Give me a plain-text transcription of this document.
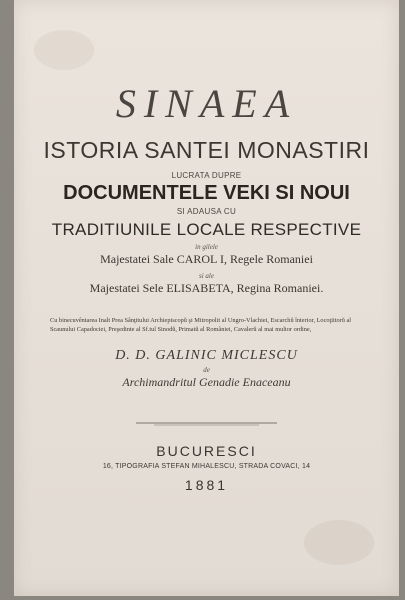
SINAEA
ISTORIA SANTEI MONASTIRI
LUCRATA DUPRE
DOCUMENTELE VEKI SI NOUI
SI ADAUSA CU
TRADITIUNILE LOCALE RESPECTIVE
in gilele
Majestatei Sale CAROL I, Regele Romaniei
si ale
Majestatei Sele ELISABETA, Regina Romaniei.
Cu binecuvêntarea Inalt Prea Sânţitului Archiepiscopŭ şi Mitropolit al Ungro-Vlachiei, Escarchŭ înterior, Locoţiitorŭ al Scaunului Capadociei, Preşedinte al Sf.tul Sinodŭ, Primatŭ al României, Cavalerŭ al mai multor ordine,
D. D. GALINIC MICLESCU
de
Archimandritul Genadie Enaceanu
BUCURESCI
16, TIPOGRAFIA STEFAN MIHALESCU, STRADA COVACI, 14
1881
